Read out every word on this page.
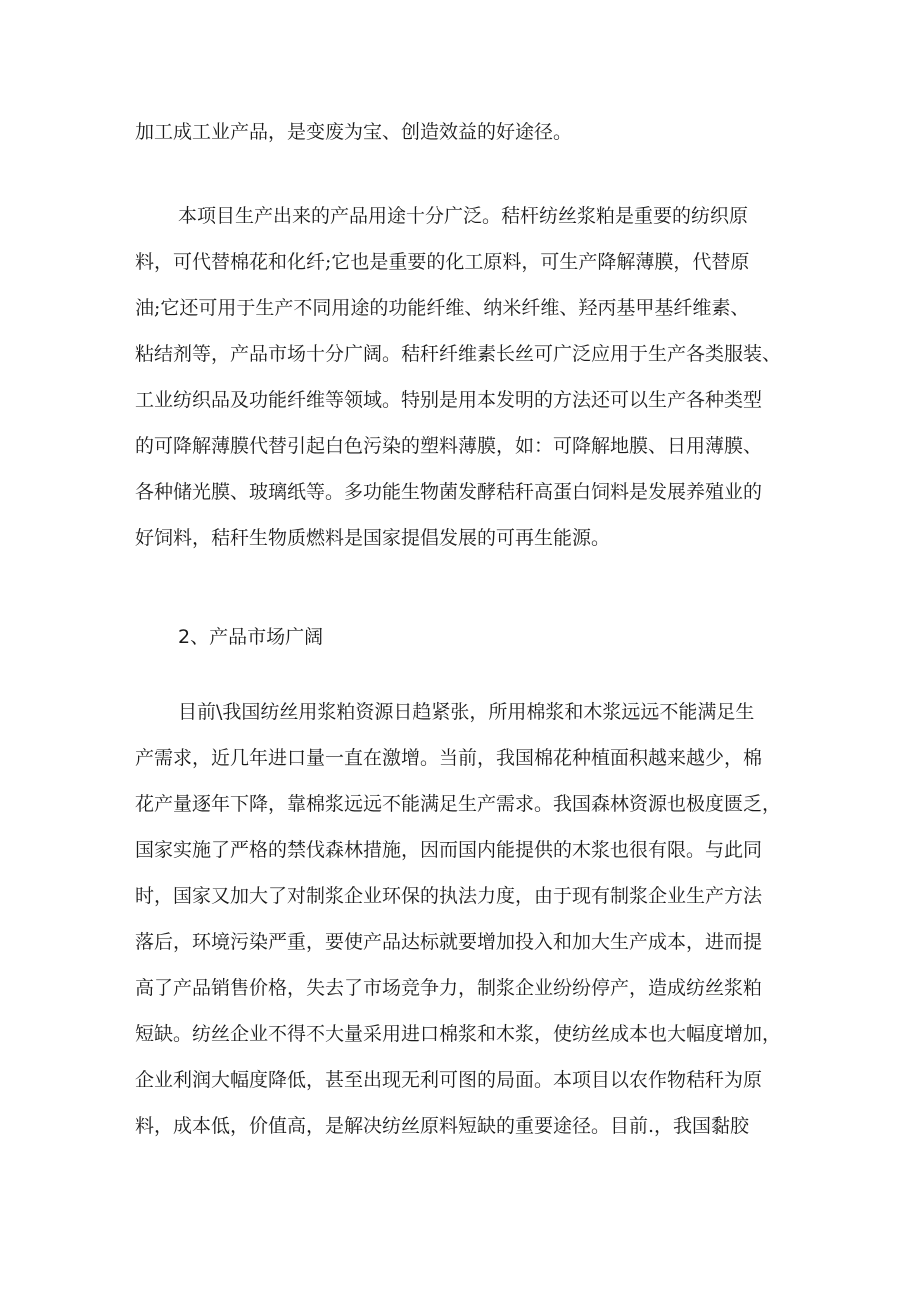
加工成工业产品，是变废为宝、创造效益的好途径。
本项目生产出来的产品用途十分广泛。秸杆纺丝浆粕是重要的纺织原
料，可代替棉花和化纤;它也是重要的化工原料，可生产降解薄膜，代替原
油;它还可用于生产不同用途的功能纤维、纳米纤维、羟丙基甲基纤维素、
粘结剂等，产品市场十分广阔。秸秆纤维素长丝可广泛应用于生产各类服装、
工业纺织品及功能纤维等领域。特别是用本发明的方法还可以生产各种类型
的可降解薄膜代替引起白色污染的塑料薄膜，如：可降解地膜、日用薄膜、
各种储光膜、玻璃纸等。多功能生物菌发酵秸秆高蛋白饲料是发展养殖业的
好饲料，秸秆生物质燃料是国家提倡发展的可再生能源。
2、产品市场广阔
目前\我国纺丝用浆粕资源日趋紧张，所用棉浆和木浆远远不能满足生
产需求，近几年进口量一直在激增。当前，我国棉花种植面积越来越少，棉
花产量逐年下降，靠棉浆远远不能满足生产需求。我国森林资源也极度匮乏，
国家实施了严格的禁伐森林措施，因而国内能提供的木浆也很有限。与此同
时，国家又加大了对制浆企业环保的执法力度，由于现有制浆企业生产方法
落后，环境污染严重，要使产品达标就要增加投入和加大生产成本，进而提
高了产品销售价格，失去了市场竞争力，制浆企业纷纷停产，造成纺丝浆粕
短缺。纺丝企业不得不大量采用进口棉浆和木浆，使纺丝成本也大幅度增加，
企业利润大幅度降低，甚至出现无利可图的局面。本项目以农作物秸秆为原
料，成本低，价值高，是解决纺丝原料短缺的重要途径。目前.，我国黏胶
